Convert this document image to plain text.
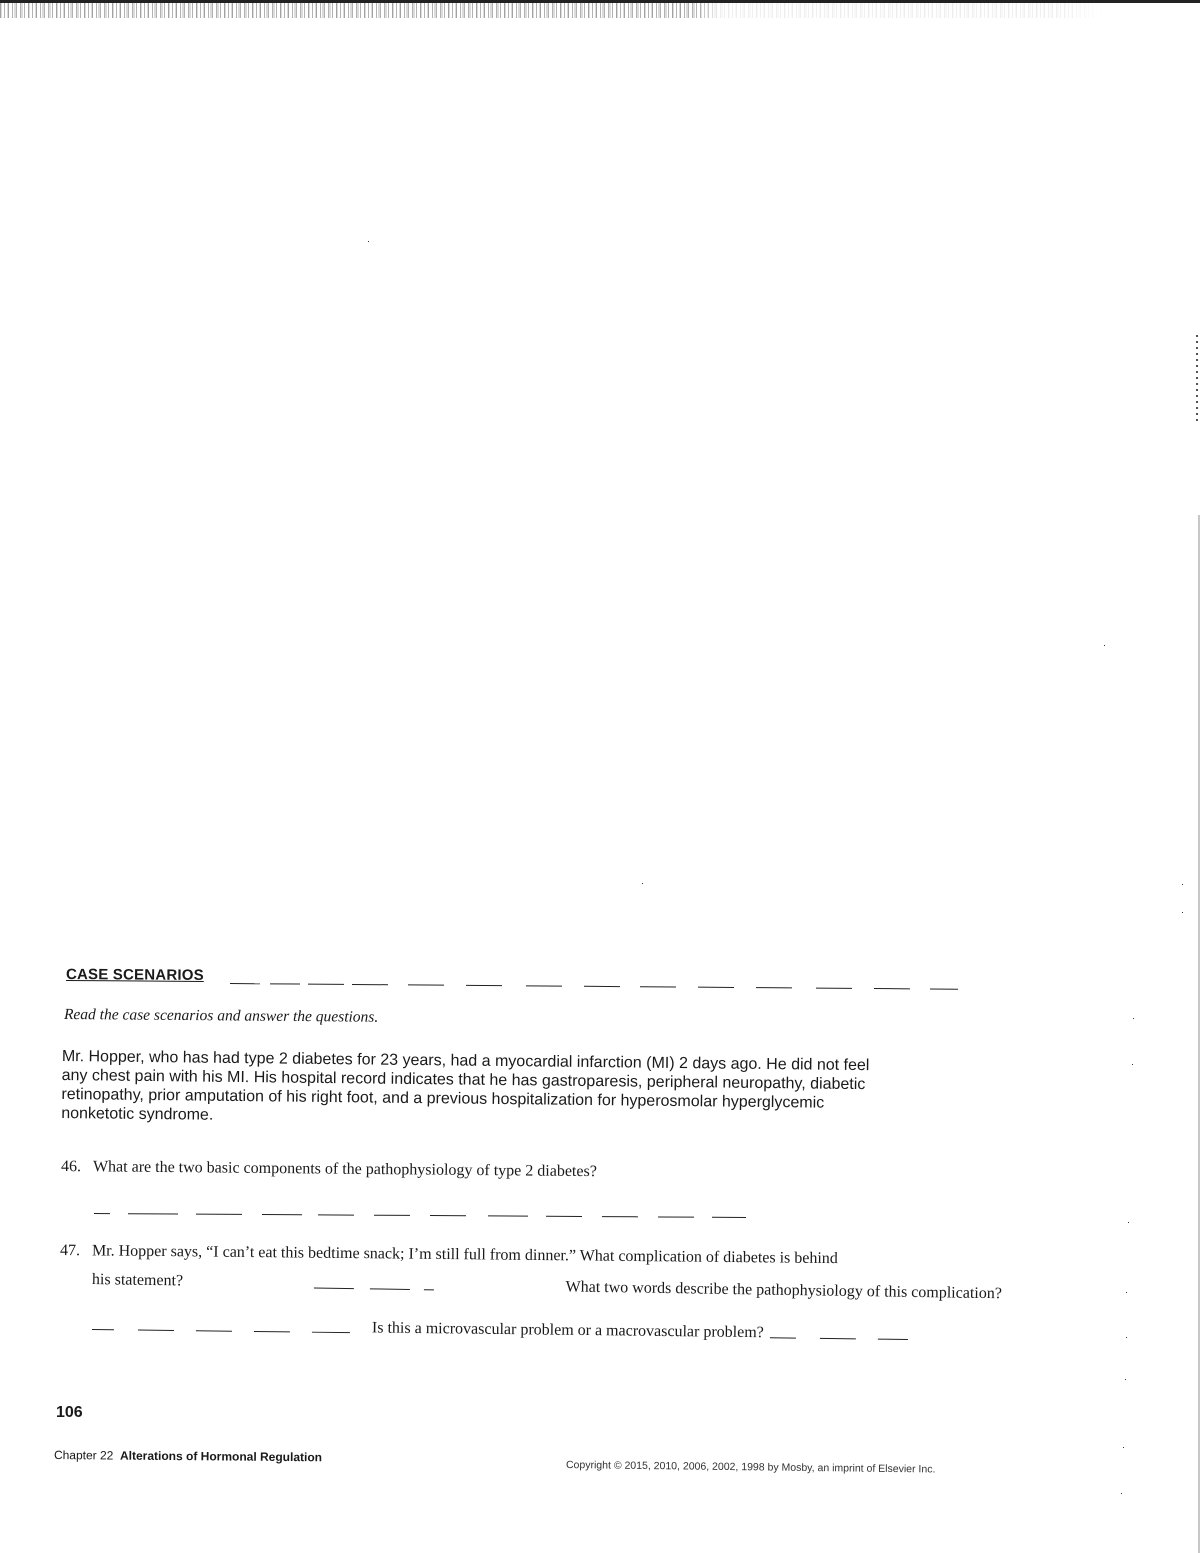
CASE SCENARIOS
Read the case scenarios and answer the questions.
Mr. Hopper, who has had type 2 diabetes for 23 years, had a myocardial infarction (MI) 2 days ago. He did not feel any chest pain with his MI. His hospital record indicates that he has gastroparesis, peripheral neuropathy, diabetic retinopathy, prior amputation of his right foot, and a previous hospitalization for hyperosmolar hyperglycemic nonketotic syndrome.
46. What are the two basic components of the pathophysiology of type 2 diabetes?
47. Mr. Hopper says, “I can’t eat this bedtime snack; I’m still full from dinner.” What complication of diabetes is behind
his statement?	What two words describe the pathophysiology of this complication?
Is this a microvascular problem or a macrovascular problem?
106
Chapter 22 Alterations of Hormonal Regulation
Copyright © 2015, 2010, 2006, 2002, 1998 by Mosby, an imprint of Elsevier Inc.
